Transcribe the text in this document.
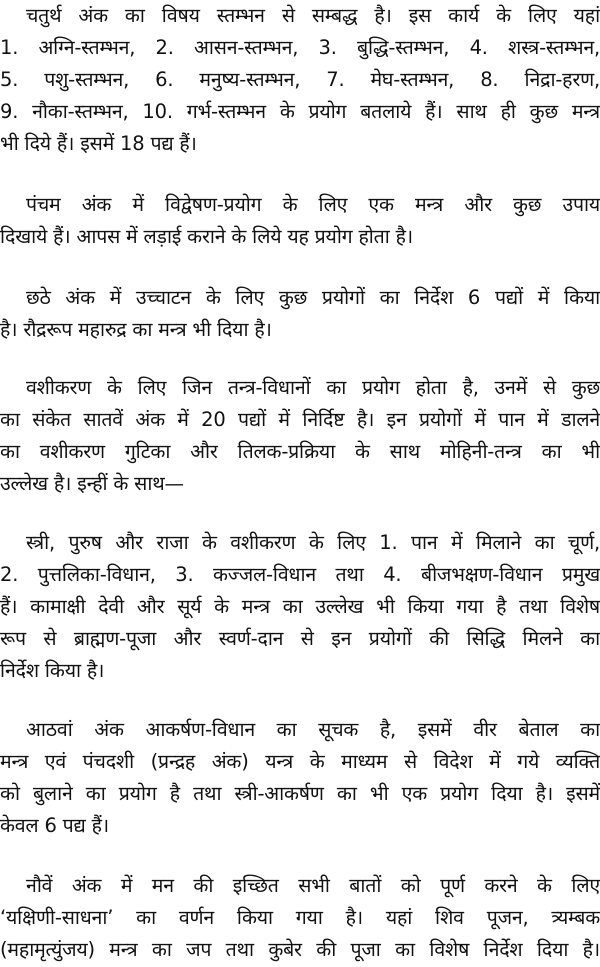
चतुर्थ अंक का विषय स्तम्भन से सम्बद्ध है। इस कार्य के लिए यहां
1. अग्नि-स्तम्भन, 2. आसन-स्तम्भन, 3. बुद्धि-स्तम्भन, 4. शस्त्र-स्तम्भन,
5. पशु-स्तम्भन, 6. मनुष्य-स्तम्भन, 7. मेघ-स्तम्भन, 8. निद्रा-हरण,
9. नौका-स्तम्भन, 10. गर्भ-स्तम्भन के प्रयोग बतलाये हैं। साथ ही कुछ मन्त्र
भी दिये हैं। इसमें 18 पद्य हैं।
पंचम अंक में विद्वेषण-प्रयोग के लिए एक मन्त्र और कुछ उपाय
दिखाये हैं। आपस में लड़ाई कराने के लिये यह प्रयोग होता है।
छठे अंक में उच्चाटन के लिए कुछ प्रयोगों का निर्देश 6 पद्यों में किया
है। रौद्ररूप महारुद्र का मन्त्र भी दिया है।
वशीकरण के लिए जिन तन्त्र-विधानों का प्रयोग होता है, उनमें से कुछ
का संकेत सातवें अंक में 20 पद्यों में निर्दिष्ट है। इन प्रयोगों में पान में डालने
का वशीकरण गुटिका और तिलक-प्रक्रिया के साथ मोहिनी-तन्त्र का भी
उल्लेख है। इन्हीं के साथ—
स्त्री, पुरुष और राजा के वशीकरण के लिए 1. पान में मिलाने का चूर्ण,
2. पुत्तलिका-विधान, 3. कज्जल-विधान तथा 4. बीजभक्षण-विधान प्रमुख
हैं। कामाक्षी देवी और सूर्य के मन्त्र का उल्लेख भी किया गया है तथा विशेष
रूप से ब्राह्मण-पूजा और स्वर्ण-दान से इन प्रयोगों की सिद्धि मिलने का
निर्देश किया है।
आठवां अंक आकर्षण-विधान का सूचक है, इसमें वीर बेताल का
मन्त्र एवं पंचदशी (प्रन्द्रह अंक) यन्त्र के माध्यम से विदेश में गये व्यक्ति
को बुलाने का प्रयोग है तथा स्त्री-आकर्षण का भी एक प्रयोग दिया है। इसमें
केवल 6 पद्य हैं।
नौवें अंक में मन की इच्छित सभी बातों को पूर्ण करने के लिए
‘यक्षिणी-साधना’ का वर्णन किया गया है। यहां शिव पूजन, त्र्यम्बक
(महामृत्युंजय) मन्त्र का जप तथा कुबेर की पूजा का विशेष निर्देश दिया है।
